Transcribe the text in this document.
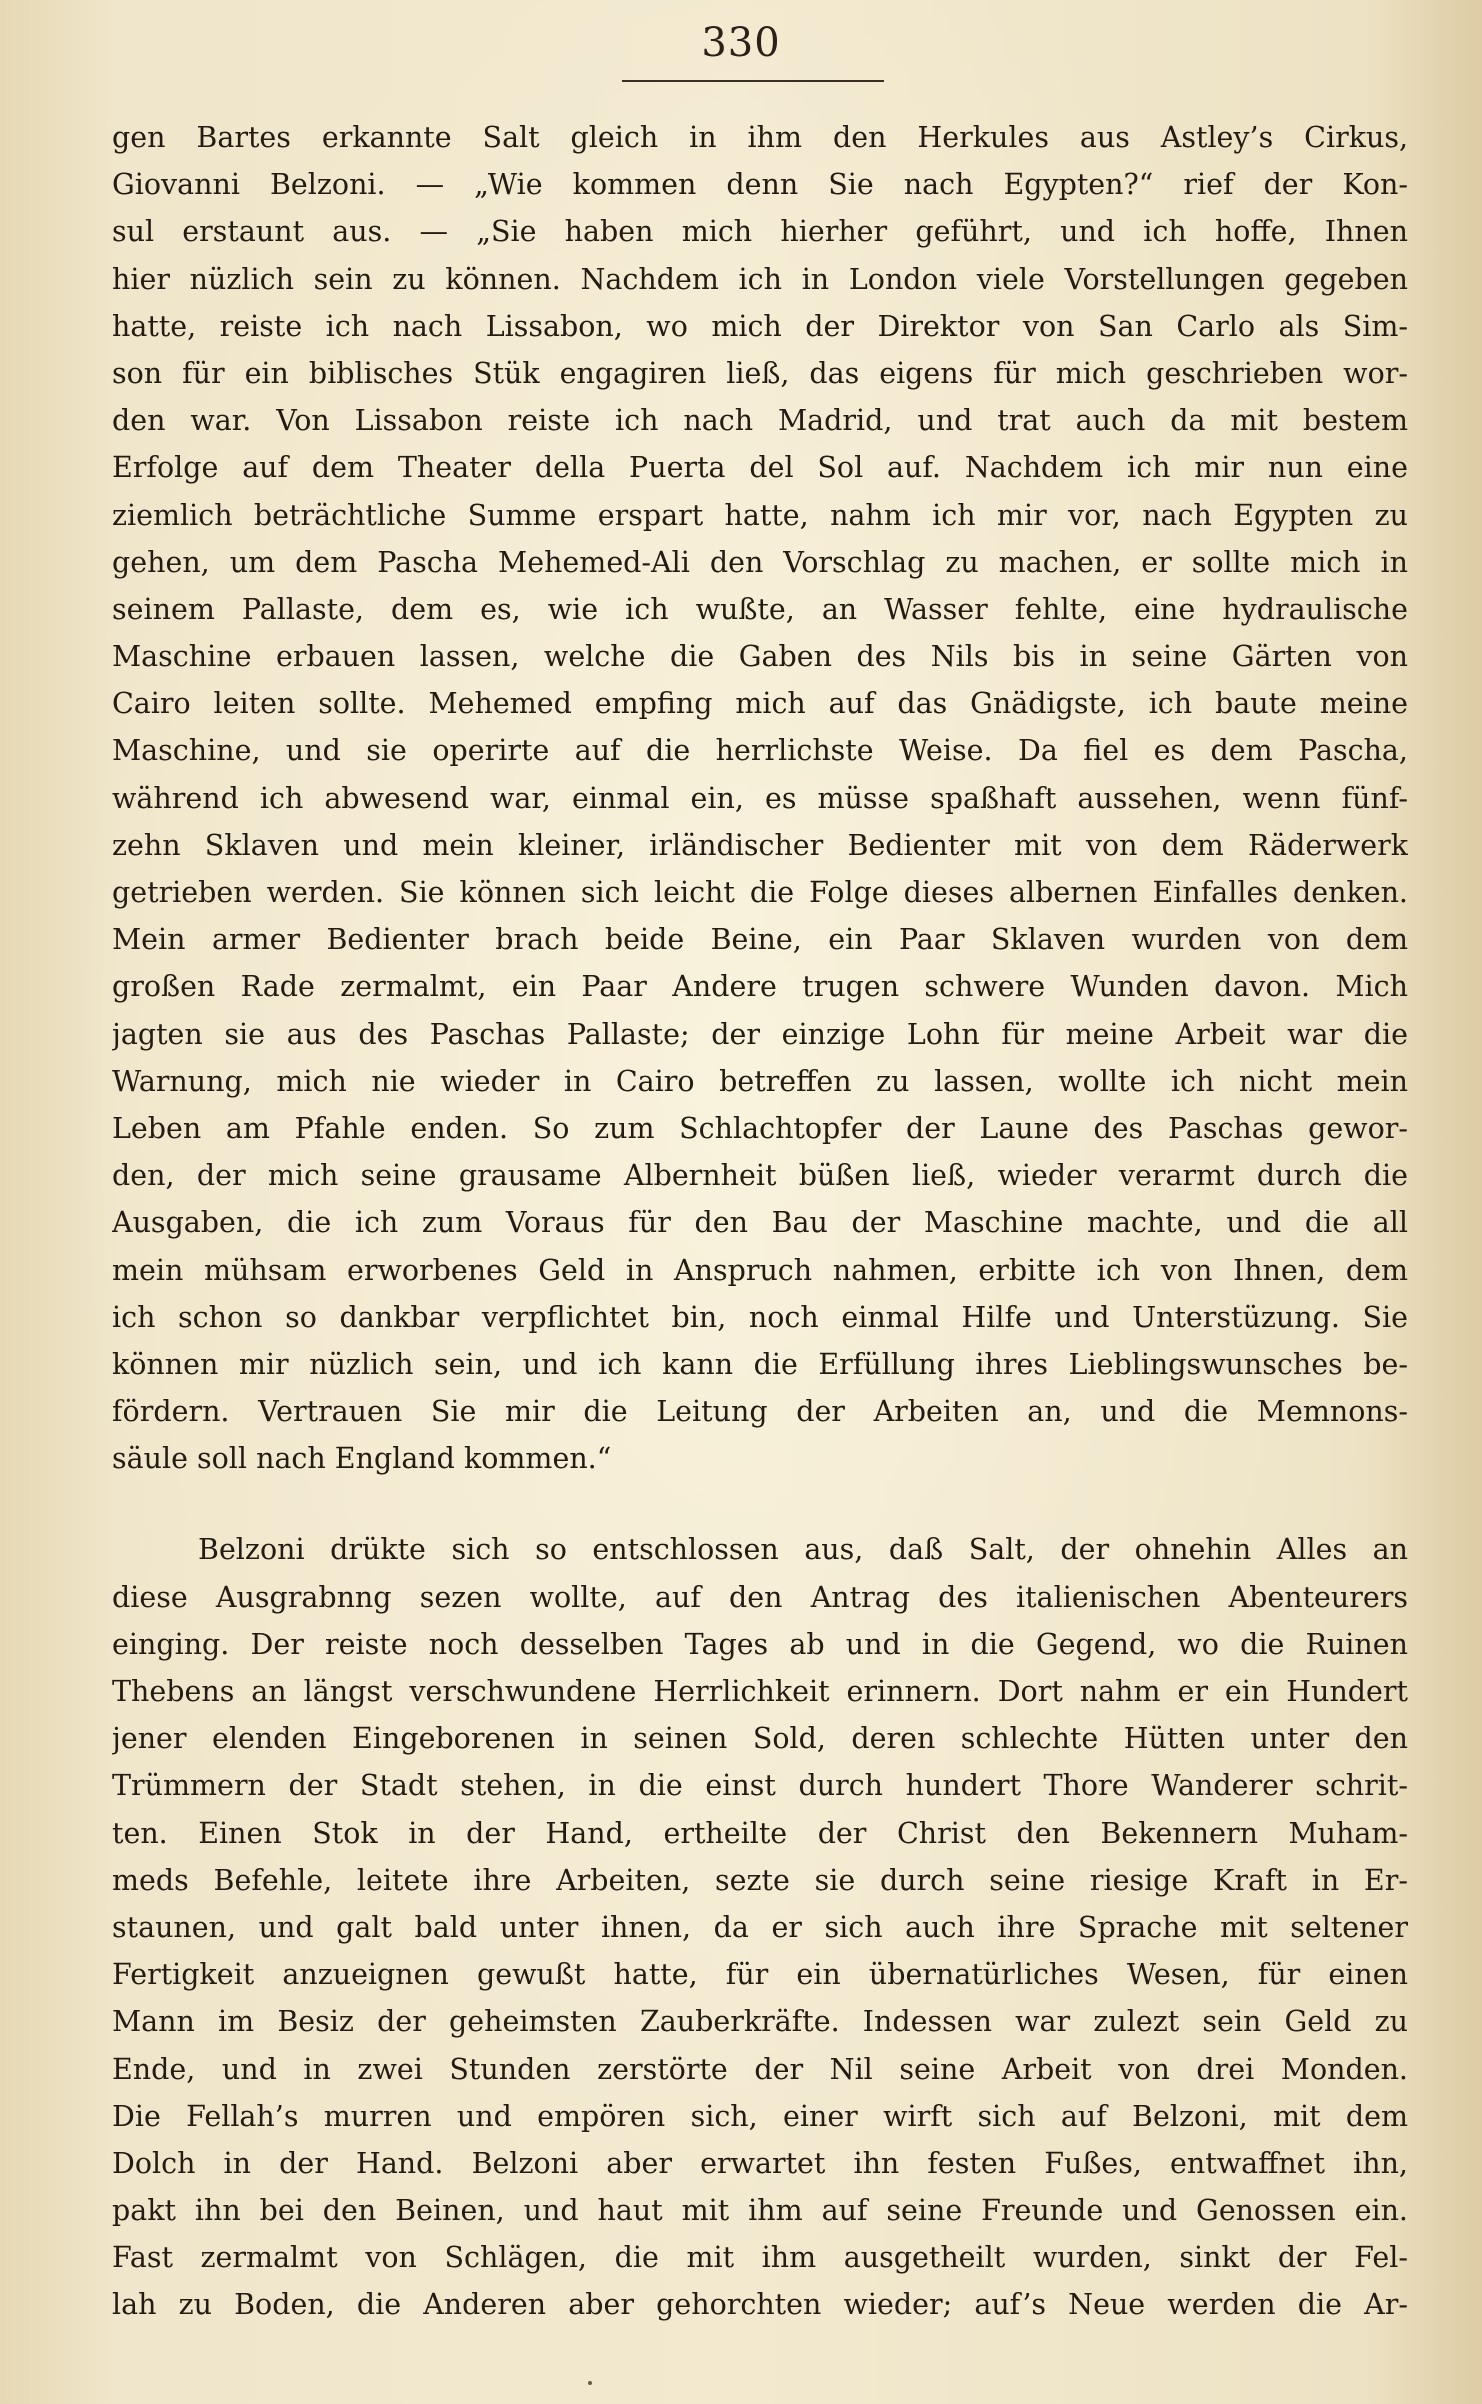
330
gen Bartes erkannte Salt gleich in ihm den Herkules aus Astley’s Cirkus,
Giovanni Belzoni. — „Wie kommen denn Sie nach Egypten?“ rief der Kon-
sul erstaunt aus. — „Sie haben mich hierher geführt, und ich hoffe, Ihnen
hier nüzlich sein zu können. Nachdem ich in London viele Vorstellungen gegeben
hatte, reiste ich nach Lissabon, wo mich der Direktor von San Carlo als Sim-
son für ein biblisches Stük engagiren ließ, das eigens für mich geschrieben wor-
den war. Von Lissabon reiste ich nach Madrid, und trat auch da mit bestem
Erfolge auf dem Theater della Puerta del Sol auf. Nachdem ich mir nun eine
ziemlich beträchtliche Summe erspart hatte, nahm ich mir vor, nach Egypten zu
gehen, um dem Pascha Mehemed-Ali den Vorschlag zu machen, er sollte mich in
seinem Pallaste, dem es, wie ich wußte, an Wasser fehlte, eine hydraulische
Maschine erbauen lassen, welche die Gaben des Nils bis in seine Gärten von
Cairo leiten sollte. Mehemed empfing mich auf das Gnädigste, ich baute meine
Maschine, und sie operirte auf die herrlichste Weise. Da fiel es dem Pascha,
während ich abwesend war, einmal ein, es müsse spaßhaft aussehen, wenn fünf-
zehn Sklaven und mein kleiner, irländischer Bedienter mit von dem Räderwerk
getrieben werden. Sie können sich leicht die Folge dieses albernen Einfalles denken.
Mein armer Bedienter brach beide Beine, ein Paar Sklaven wurden von dem
großen Rade zermalmt, ein Paar Andere trugen schwere Wunden davon. Mich
jagten sie aus des Paschas Pallaste; der einzige Lohn für meine Arbeit war die
Warnung, mich nie wieder in Cairo betreffen zu lassen, wollte ich nicht mein
Leben am Pfahle enden. So zum Schlachtopfer der Laune des Paschas gewor-
den, der mich seine grausame Albernheit büßen ließ, wieder verarmt durch die
Ausgaben, die ich zum Voraus für den Bau der Maschine machte, und die all
mein mühsam erworbenes Geld in Anspruch nahmen, erbitte ich von Ihnen, dem
ich schon so dankbar verpflichtet bin, noch einmal Hilfe und Unterstüzung. Sie
können mir nüzlich sein, und ich kann die Erfüllung ihres Lieblingswunsches be-
fördern. Vertrauen Sie mir die Leitung der Arbeiten an, und die Memnons-
säule soll nach England kommen.“
Belzoni drükte sich so entschlossen aus, daß Salt, der ohnehin Alles an
diese Ausgrabnng sezen wollte, auf den Antrag des italienischen Abenteurers
einging. Der reiste noch desselben Tages ab und in die Gegend, wo die Ruinen
Thebens an längst verschwundene Herrlichkeit erinnern. Dort nahm er ein Hundert
jener elenden Eingeborenen in seinen Sold, deren schlechte Hütten unter den
Trümmern der Stadt stehen, in die einst durch hundert Thore Wanderer schrit-
ten. Einen Stok in der Hand, ertheilte der Christ den Bekennern Muham-
meds Befehle, leitete ihre Arbeiten, sezte sie durch seine riesige Kraft in Er-
staunen, und galt bald unter ihnen, da er sich auch ihre Sprache mit seltener
Fertigkeit anzueignen gewußt hatte, für ein übernatürliches Wesen, für einen
Mann im Besiz der geheimsten Zauberkräfte. Indessen war zulezt sein Geld zu
Ende, und in zwei Stunden zerstörte der Nil seine Arbeit von drei Monden.
Die Fellah’s murren und empören sich, einer wirft sich auf Belzoni, mit dem
Dolch in der Hand. Belzoni aber erwartet ihn festen Fußes, entwaffnet ihn,
pakt ihn bei den Beinen, und haut mit ihm auf seine Freunde und Genossen ein.
Fast zermalmt von Schlägen, die mit ihm ausgetheilt wurden, sinkt der Fel-
lah zu Boden, die Anderen aber gehorchten wieder; auf’s Neue werden die Ar-
